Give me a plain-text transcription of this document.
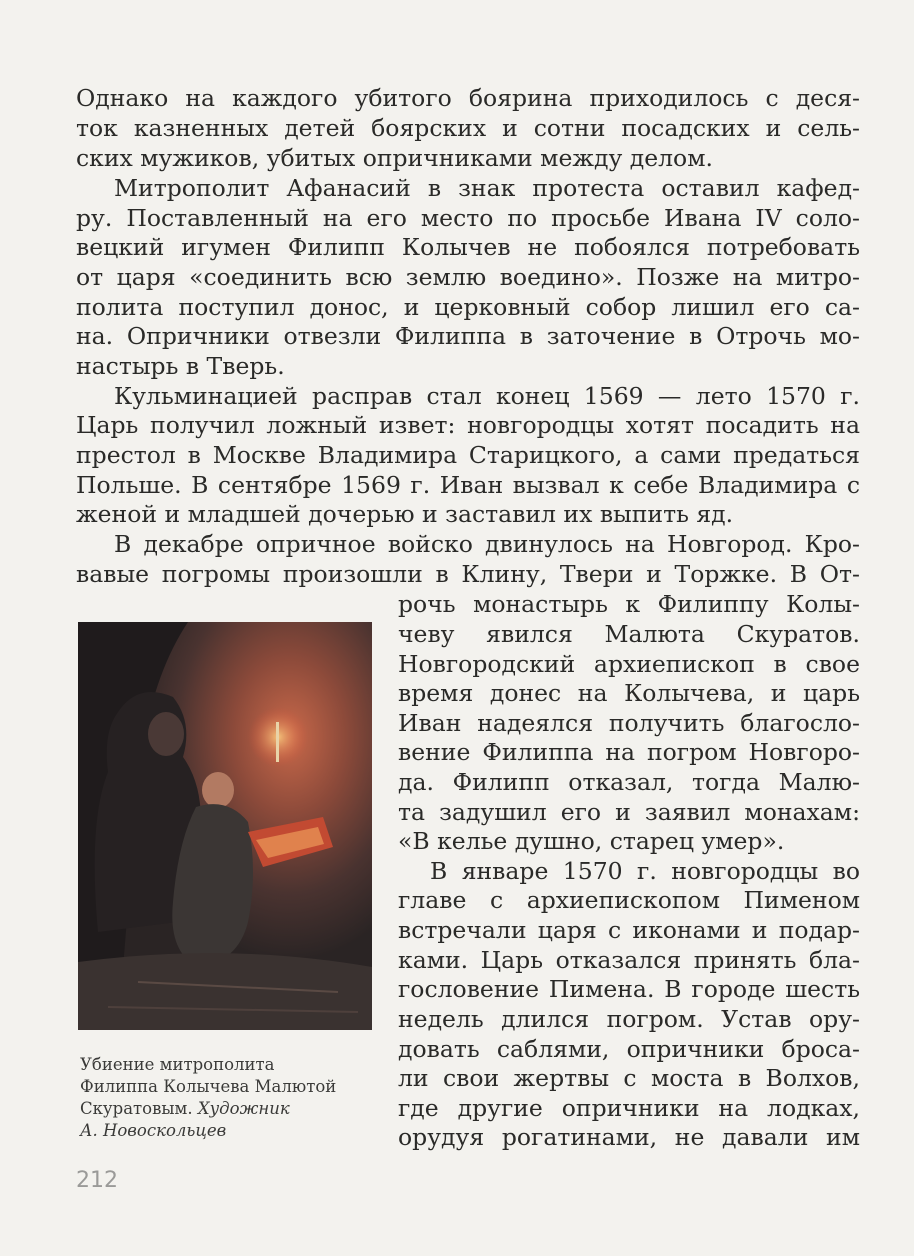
Однако на каждого убитого боярина приходилось с деся-
ток казненных детей боярских и сотни посадских и сель-
ских мужиков, убитых опричниками между делом.
Митрополит Афанасий в знак протеста оставил кафед-
ру. Поставленный на его место по просьбе Ивана IV соло-
вецкий игумен Филипп Колычев не побоялся потребовать
от царя «соединить всю землю воедино». Позже на митро-
полита поступил донос, и церковный собор лишил его са-
на. Опричники отвезли Филиппа в заточение в Отрочь мо-
настырь в Тверь.
Кульминацией расправ стал конец 1569 — лето 1570 г.
Царь получил ложный извет: новгородцы хотят посадить на
престол в Москве Владимира Старицкого, а сами предаться
Польше. В сентябре 1569 г. Иван вызвал к себе Владимира с
женой и младшей дочерью и заставил их выпить яд.
В декабре опричное войско двинулось на Новгород. Кро-
вавые погромы произошли в Клину, Твери и Торжке. В От-
рочь монастырь к Филиппу Колы-
чеву явился Малюта Скуратов.
Новгородский архиепископ в свое
время донес на Колычева, и царь
Иван надеялся получить благосло-
вение Филиппа на погром Новгоро-
да. Филипп отказал, тогда Малю-
та задушил его и заявил монахам:
«В келье душно, старец умер».
В январе 1570 г. новгородцы во
главе с архиепископом Пименом
встречали царя с иконами и подар-
ками. Царь отказался принять бла-
гословение Пимена. В городе шесть
недель длился погром. Устав ору-
довать саблями, опричники броса-
ли свои жертвы с моста в Волхов,
где другие опричники на лодках,
орудуя рогатинами, не давали им
Убиение митрополита
Филиппа Колычева Малютой
Скуратовым. Художник
А. Новоскольцев
212
